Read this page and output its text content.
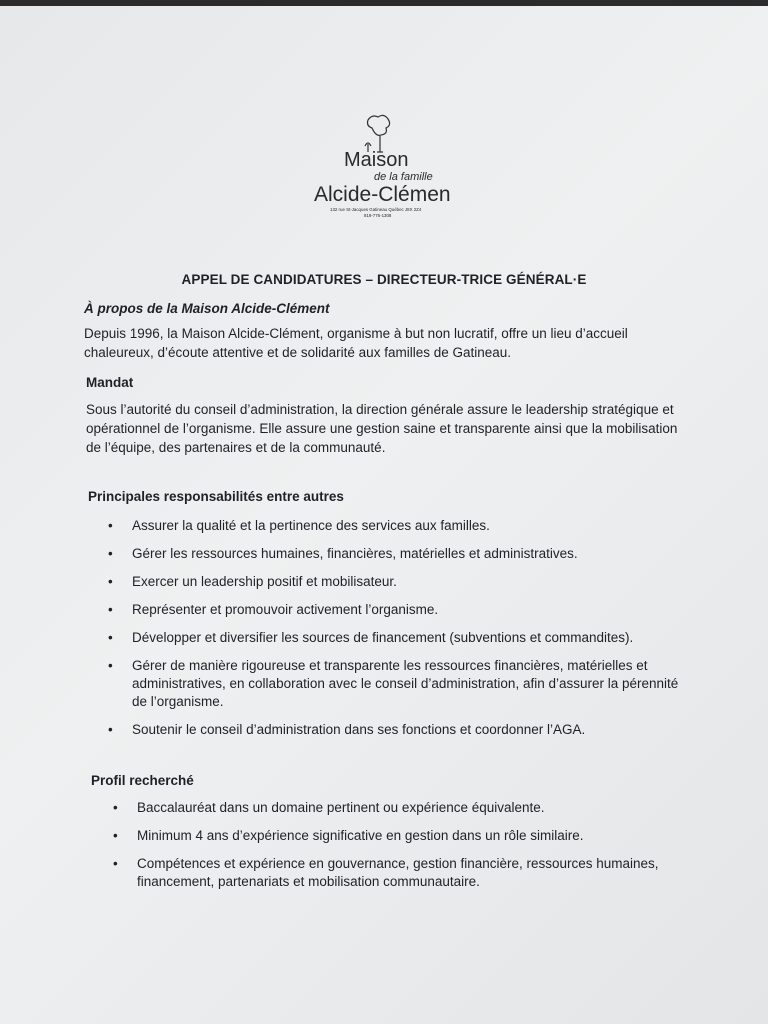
Maison
de la famille
Alcide-Clément
132 rue St-Jacques Gatineau Québec J8X 2Z4
819-776-1308
APPEL DE CANDIDATURES – DIRECTEUR-TRICE GÉNÉRAL·E
À propos de la Maison Alcide-Clément
Depuis 1996, la Maison Alcide-Clément, organisme à but non lucratif, offre un lieu d’accueil
chaleureux, d’écoute attentive et de solidarité aux familles de Gatineau.
Mandat
Sous l’autorité du conseil d’administration, la direction générale assure le leadership stratégique et
opérationnel de l’organisme. Elle assure une gestion saine et transparente ainsi que la mobilisation
de l’équipe, des partenaires et de la communauté.
Principales responsabilités entre autres
• Assurer la qualité et la pertinence des services aux familles.
• Gérer les ressources humaines, financières, matérielles et administratives.
• Exercer un leadership positif et mobilisateur.
• Représenter et promouvoir activement l’organisme.
• Développer et diversifier les sources de financement (subventions et commandites).
• Gérer de manière rigoureuse et transparente les ressources financières, matérielles et
administratives, en collaboration avec le conseil d’administration, afin d’assurer la pérennité
de l’organisme.
• Soutenir le conseil d’administration dans ses fonctions et coordonner l’AGA.
Profil recherché
• Baccalauréat dans un domaine pertinent ou expérience équivalente.
• Minimum 4 ans d’expérience significative en gestion dans un rôle similaire.
• Compétences et expérience en gouvernance, gestion financière, ressources humaines,
financement, partenariats et mobilisation communautaire.
